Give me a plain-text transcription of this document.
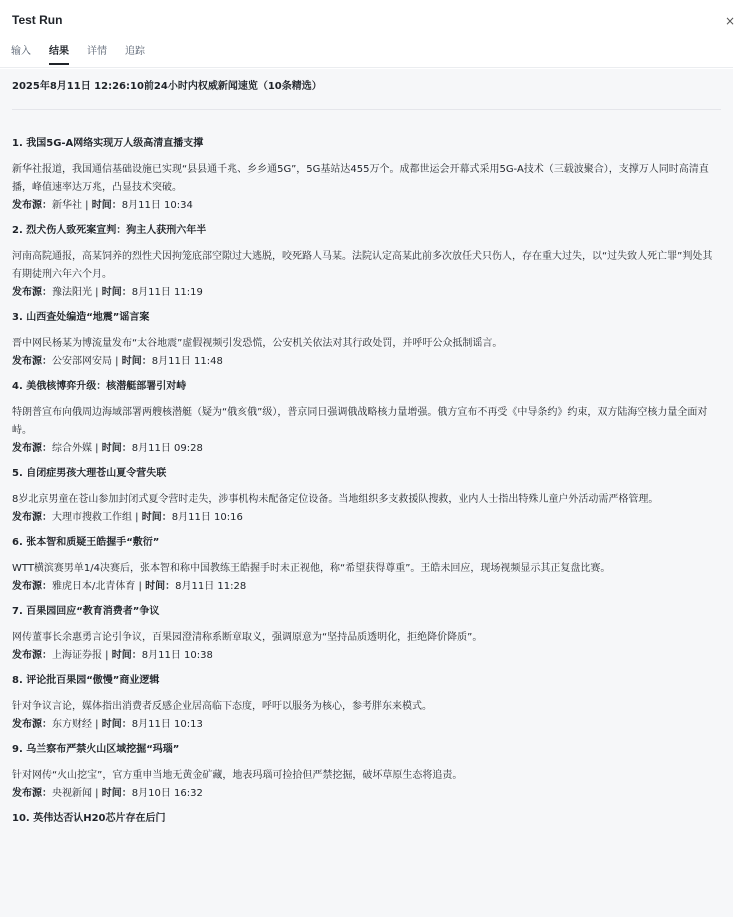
Test Run	×
输入 结果 详情 追踪
2025年8月11日 12:26:10前24小时内权威新闻速览（10条精选）
1. 我国5G-A网络实现万人级高清直播支撑
新华社报道，我国通信基础设施已实现“县县通千兆、乡乡通5G”，5G基站达455万个。成都世运会开幕式采用5G-A技术（三载波聚合），支撑万人同时高清直播，峰值速率达万兆，凸显技术突破。
发布源：新华社 | 时间：8月11日 10:34
2. 烈犬伤人致死案宣判：狗主人获刑六年半
河南高院通报，高某饲养的烈性犬因拘笼底部空隙过大逃脱，咬死路人马某。法院认定高某此前多次放任犬只伤人，存在重大过失，以“过失致人死亡罪”判处其有期徒刑六年六个月。
发布源：豫法阳光 | 时间：8月11日 11:19
3. 山西查处编造“地震”谣言案
晋中网民杨某为博流量发布“太谷地震”虚假视频引发恐慌，公安机关依法对其行政处罚，并呼吁公众抵制谣言。
发布源：公安部网安局 | 时间：8月11日 11:48
4. 美俄核博弈升级：核潜艇部署引对峙
特朗普宣布向俄周边海域部署两艘核潜艇（疑为“俄亥俄”级），普京同日强调俄战略核力量增强。俄方宣布不再受《中导条约》约束，双方陆海空核力量全面对峙。
发布源：综合外媒 | 时间：8月11日 09:28
5. 自闭症男孩大理苍山夏令营失联
8岁北京男童在苍山参加封闭式夏令营时走失，涉事机构未配备定位设备。当地组织多支救援队搜救，业内人士指出特殊儿童户外活动需严格管理。
发布源：大理市搜救工作组 | 时间：8月11日 10:16
6. 张本智和质疑王皓握手“敷衍”
WTT横滨赛男单1/4决赛后，张本智和称中国教练王皓握手时未正视他，称“希望获得尊重”。王皓未回应，现场视频显示其正复盘比赛。
发布源：雅虎日本/北青体育 | 时间：8月11日 11:28
7. 百果园回应“教育消费者”争议
网传董事长余惠勇言论引争议，百果园澄清称系断章取义，强调原意为“坚持品质透明化，拒绝降价降质”。
发布源：上海证券报 | 时间：8月11日 10:38
8. 评论批百果园“傲慢”商业逻辑
针对争议言论，媒体指出消费者反感企业居高临下态度，呼吁以服务为核心，参考胖东来模式。
发布源：东方财经 | 时间：8月11日 10:13
9. 乌兰察布严禁火山区域挖掘“玛瑙”
针对网传“火山挖宝”，官方重申当地无黄金矿藏，地表玛瑙可捡拾但严禁挖掘，破坏草原生态将追责。
发布源：央视新闻 | 时间：8月10日 16:32
10. 英伟达否认H20芯片存在后门
